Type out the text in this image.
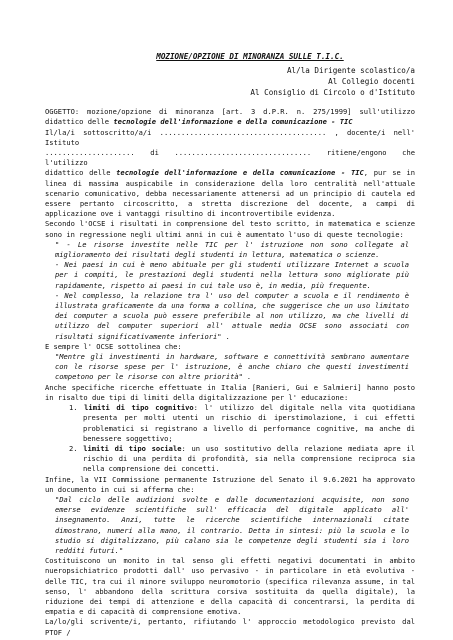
MOZIONE/OPZIONE DI MINORANZA SULLE T.I.C.
Al/la Dirigente scolastico/a
Al Collegio docenti
Al Consiglio di Circolo o d'Istituto

OGGETTO: mozione/opzione di minoranza [art. 3 d.P.R. n. 275/1999] sull'utilizzo didattico delle tecnologie dell'informazione e della comunicazione - TIC

Il/la/i sottoscritto/a/i ....................................... , docente/i nell' Istituto

..................... di ................................ ritiene/engono che l'utilizzo

didattico delle tecnologie dell'informazione e della comunicazione - TIC, pur se in linea di massima auspicabile in considerazione della loro centralità nell'attuale scenario comunicativo, debba necessariamente attenersi ad un principio di cautela ed essere pertanto circoscritto, a stretta discrezione del docente, a campi di applicazione ove i vantaggi risultino di incontrovertibile evidenza.

Secondo l'OCSE i risultati in comprensione del testo scritto, in matematica e scienze sono in regressione negli ultimi anni in cui è aumentato l'uso di queste tecnologie:

" - Le risorse investite nelle TIC per l' istruzione non sono collegate al miglioramento dei risultati degli studenti in lettura, matematica o scienze.

- Nei paesi in cui è meno abituale per gli studenti utilizzare Internet a scuola per i compiti, le prestazioni degli studenti nella lettura sono migliorate più rapidamente, rispetto ai paesi in cui tale uso è, in media, più frequente.

- Nel complesso, la relazione tra l' uso del computer a scuola e il rendimento è illustrata graficamente da una forma a collina, che suggerisce che un uso limitato dei computer a scuola può essere preferibile al non utilizzo, ma che livelli di utilizzo del computer superiori all' attuale media OCSE sono associati con risultati significativamente inferiori" .

E sempre l' OCSE sottolinea che:

"Mentre gli investimenti in hardware, software e connettività sembrano aumentare con le risorse spese per l' istruzione, è anche chiaro che questi investimenti competono per le risorse con altre priorità" .

Anche specifiche ricerche effettuate in Italia [Ranieri, Gui e Salmieri] hanno posto in risalto due tipi di limiti della digitalizzazione per l' educazione:

1. limiti di tipo cognitivo: l' utilizzo del digitale nella vita quotidiana presenta per molti utenti un rischio di iperstimolazione, i cui effetti problematici si registrano a livello di performance cognitive, ma anche di benessere soggettivo;

2. limiti di tipo sociale: un uso sostitutivo della relazione mediata apre il rischio di una perdita di profondità, sia nella comprensione reciproca sia nella comprensione dei concetti.

Infine, la VII Commissione permanente Istruzione del Senato il 9.6.2021 ha approvato un documento in cui si afferma che:

"Dal ciclo delle audizioni svolte e dalle documentazioni acquisite, non sono emerse evidenze scientifiche sull' efficacia del digitale applicato all' insegnamento. Anzi, tutte le ricerche scientifiche internazionali citate dimostrano, numeri alla mano, il contrario. Detta in sintesi: più la scuola e lo studio si digitalizzano, più calano sia le competenze degli studenti sia i loro redditi futuri."

Costituiscono un monito in tal senso gli effetti negativi documentati in ambito nueropsichiatrico prodotti dall' uso pervasivo - in particolare in età evolutiva - delle TIC, tra cui il minore sviluppo neuromotorio (specifica rilevanza assume, in tal senso, l' abbandono della scrittura corsiva sostituita da quella digitale), la riduzione dei tempi di attenzione e della capacità di concentrarsi, la perdita di empatia e di capacità di comprensione emotiva.

La/lo/gli scrivente/i, pertanto, rifiutando l' approccio metodologico previsto dal PTOF /
